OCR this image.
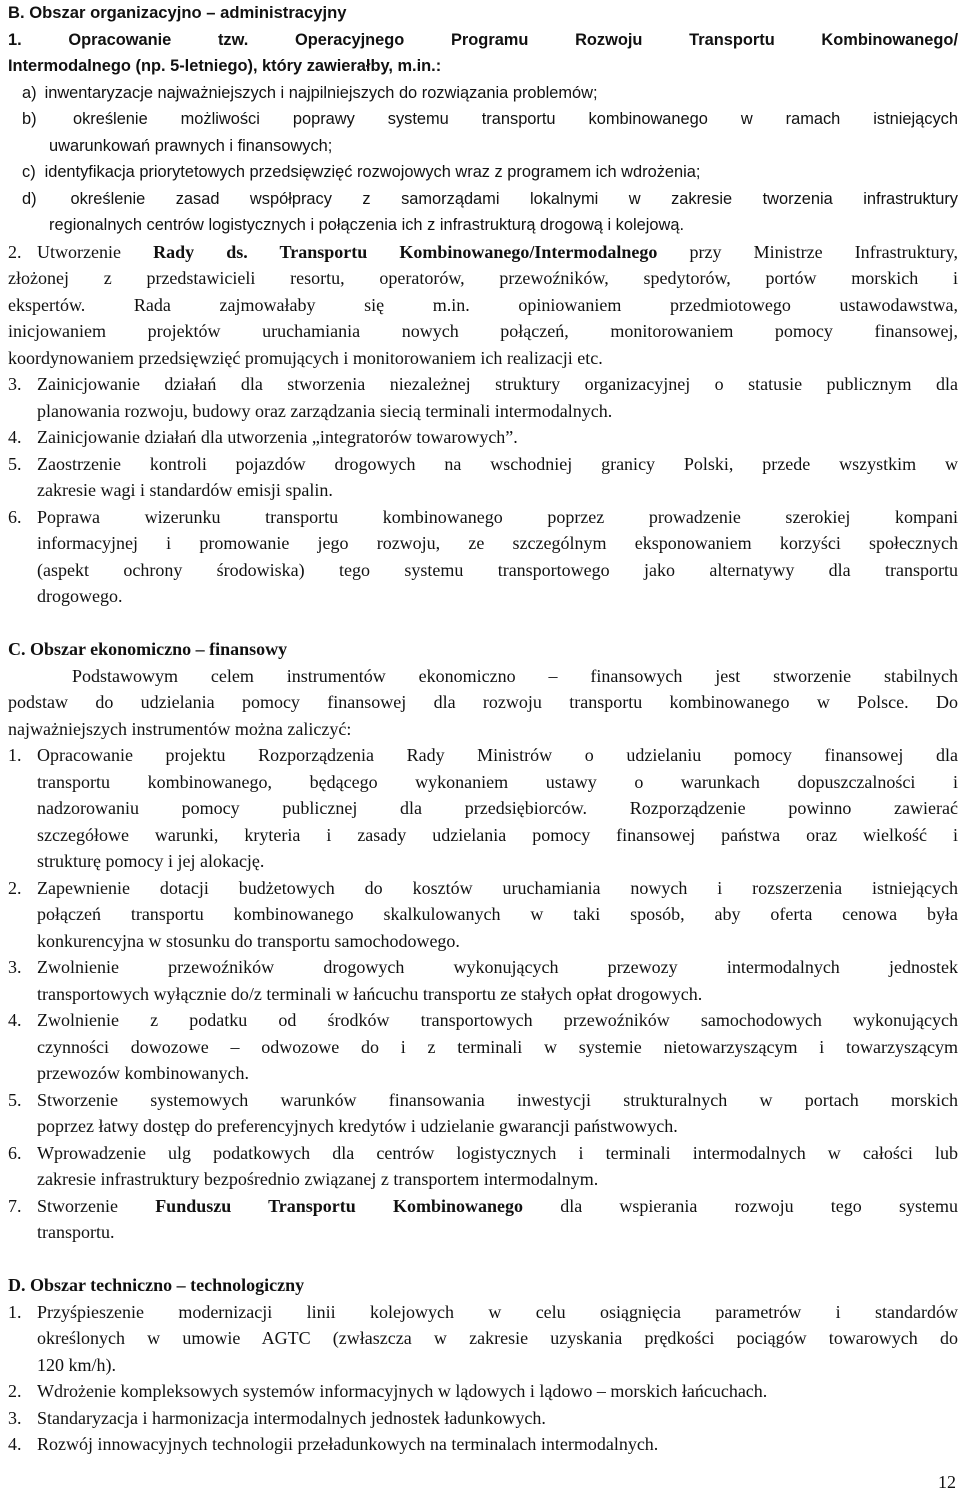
B. Obszar organizacyjno – administracyjny
1. Opracowanie tzw. Operacyjnego Programu Rozwoju Transportu Kombinowanego/
Intermodalnego (np. 5-letniego), który zawierałby, m.in.:
a) inwentaryzacje najważniejszych i najpilniejszych do rozwiązania problemów;
b) określenie możliwości poprawy systemu transportu kombinowanego w ramach istniejących
uwarunkowań prawnych i finansowych;
c) identyfikacja priorytetowych przedsięwzięć rozwojowych wraz z programem ich wdrożenia;
d) określenie zasad współpracy z samorządami lokalnymi w zakresie tworzenia infrastruktury
regionalnych centrów logistycznych i połączenia ich z infrastrukturą drogową i kolejową.
2. Utworzenie Rady ds. Transportu Kombinowanego/Intermodalnego przy Ministrze Infrastruktury,
złożonej z przedstawicieli resortu, operatorów, przewoźników, spedytorów, portów morskich i
ekspertów. Rada zajmowałaby się m.in. opiniowaniem przedmiotowego ustawodawstwa,
inicjowaniem projektów uruchamiania nowych połączeń, monitorowaniem pomocy finansowej,
koordynowaniem przedsięwzięć promujących i monitorowaniem ich realizacji etc.
3. Zainicjowanie działań dla stworzenia niezależnej struktury organizacyjnej o statusie publicznym dla
planowania rozwoju, budowy oraz zarządzania siecią terminali intermodalnych.
4. Zainicjowanie działań dla utworzenia „integratorów towarowych”.
5. Zaostrzenie kontroli pojazdów drogowych na wschodniej granicy Polski, przede wszystkim w
zakresie wagi i standardów emisji spalin.
6. Poprawa wizerunku transportu kombinowanego poprzez prowadzenie szerokiej kompani
informacyjnej i promowanie jego rozwoju, ze szczególnym eksponowaniem korzyści społecznych
(aspekt ochrony środowiska) tego systemu transportowego jako alternatywy dla transportu
drogowego.
C. Obszar ekonomiczno – finansowy
Podstawowym celem instrumentów ekonomiczno – finansowych jest stworzenie stabilnych
podstaw do udzielania pomocy finansowej dla rozwoju transportu kombinowanego w Polsce. Do
najważniejszych instrumentów można zaliczyć:
1. Opracowanie projektu Rozporządzenia Rady Ministrów o udzielaniu pomocy finansowej dla
transportu kombinowanego, będącego wykonaniem ustawy o warunkach dopuszczalności i
nadzorowaniu pomocy publicznej dla przedsiębiorców. Rozporządzenie powinno zawierać
szczegółowe warunki, kryteria i zasady udzielania pomocy finansowej państwa oraz wielkość i
strukturę pomocy i jej alokację.
2. Zapewnienie dotacji budżetowych do kosztów uruchamiania nowych i rozszerzenia istniejących
połączeń transportu kombinowanego skalkulowanych w taki sposób, aby oferta cenowa była
konkurencyjna w stosunku do transportu samochodowego.
3. Zwolnienie przewoźników drogowych wykonujących przewozy intermodalnych jednostek
transportowych wyłącznie do/z terminali w łańcuchu transportu ze stałych opłat drogowych.
4. Zwolnienie z podatku od środków transportowych przewoźników samochodowych wykonujących
czynności dowozowe – odwozowe do i z terminali w systemie nietowarzyszącym i towarzyszącym
przewozów kombinowanych.
5. Stworzenie systemowych warunków finansowania inwestycji strukturalnych w portach morskich
poprzez łatwy dostęp do preferencyjnych kredytów i udzielanie gwarancji państwowych.
6. Wprowadzenie ulg podatkowych dla centrów logistycznych i terminali intermodalnych w całości lub
zakresie infrastruktury bezpośrednio związanej z transportem intermodalnym.
7. Stworzenie Funduszu Transportu Kombinowanego dla wspierania rozwoju tego systemu
transportu.
D. Obszar techniczno – technologiczny
1. Przyśpieszenie modernizacji linii kolejowych w celu osiągnięcia parametrów i standardów
określonych w umowie AGTC (zwłaszcza w zakresie uzyskania prędkości pociągów towarowych do
120 km/h).
2. Wdrożenie kompleksowych systemów informacyjnych w lądowych i lądowo – morskich łańcuchach.
3. Standaryzacja i harmonizacja intermodalnych jednostek ładunkowych.
4. Rozwój innowacyjnych technologii przeładunkowych na terminalach intermodalnych.
12
